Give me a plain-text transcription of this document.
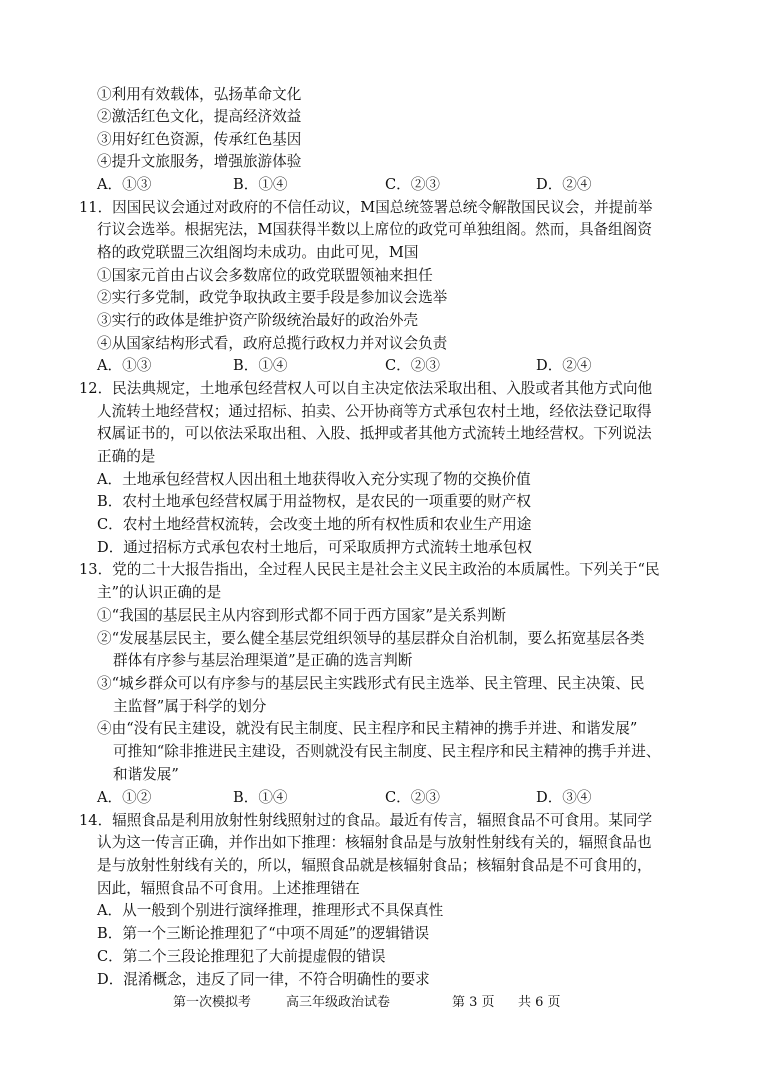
①利用有效载体，弘扬革命文化
②激活红色文化，提高经济效益
③用好红色资源，传承红色基因
④提升文旅服务，增强旅游体验
A．①③	B．①④	C．②③	D．②④
11．因国民议会通过对政府的不信任动议，M国总统签署总统令解散国民议会，并提前举
行议会选举。根据宪法，M国获得半数以上席位的政党可单独组阁。然而，具备组阁资
格的政党联盟三次组阁均未成功。由此可见，M国
①国家元首由占议会多数席位的政党联盟领袖来担任
②实行多党制，政党争取执政主要手段是参加议会选举
③实行的政体是维护资产阶级统治最好的政治外壳
④从国家结构形式看，政府总揽行政权力并对议会负责
A．①③	B．①④	C．②③	D．②④
12．民法典规定，土地承包经营权人可以自主决定依法采取出租、入股或者其他方式向他
人流转土地经营权；通过招标、拍卖、公开协商等方式承包农村土地，经依法登记取得
权属证书的，可以依法采取出租、入股、抵押或者其他方式流转土地经营权。下列说法
正确的是
A．土地承包经营权人因出租土地获得收入充分实现了物的交换价值
B．农村土地承包经营权属于用益物权，是农民的一项重要的财产权
C．农村土地经营权流转，会改变土地的所有权性质和农业生产用途
D．通过招标方式承包农村土地后，可采取质押方式流转土地承包权
13．党的二十大报告指出，全过程人民民主是社会主义民主政治的本质属性。下列关于“民
主”的认识正确的是
①“我国的基层民主从内容到形式都不同于西方国家”是关系判断
②“发展基层民主，要么健全基层党组织领导的基层群众自治机制，要么拓宽基层各类
群体有序参与基层治理渠道”是正确的选言判断
③“城乡群众可以有序参与的基层民主实践形式有民主选举、民主管理、民主决策、民
主监督”属于科学的划分
④由“没有民主建设，就没有民主制度、民主程序和民主精神的携手并进、和谐发展”
可推知“除非推进民主建设，否则就没有民主制度、民主程序和民主精神的携手并进、
和谐发展”
A．①②	B．①④	C．②③	D．③④
14．辐照食品是利用放射性射线照射过的食品。最近有传言，辐照食品不可食用。某同学
认为这一传言正确，并作出如下推理：核辐射食品是与放射性射线有关的，辐照食品也
是与放射性射线有关的，所以，辐照食品就是核辐射食品；核辐射食品是不可食用的，
因此，辐照食品不可食用。上述推理错在
A．从一般到个别进行演绎推理，推理形式不具保真性
B．第一个三断论推理犯了“中项不周延”的逻辑错误
C．第二个三段论推理犯了大前提虚假的错误
D．混淆概念，违反了同一律，不符合明确性的要求
第一次模拟考	高三年级政治试卷	第 3 页 共 6 页
